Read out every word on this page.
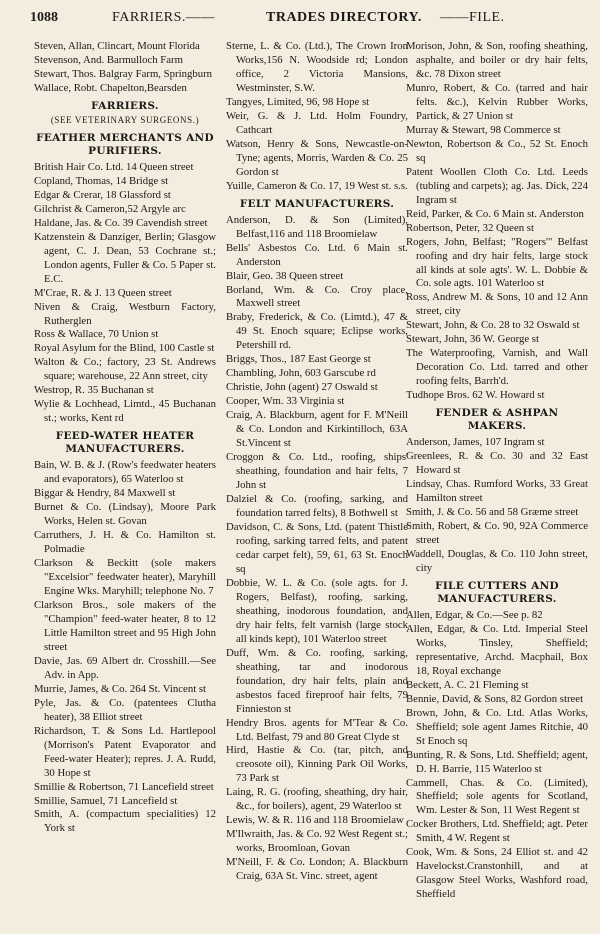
1088	FARRIERS.——	TRADES DIRECTORY. ——FILE.

Steven, Allan, Clincart, Mount Florida

Stevenson, And. Barmulloch Farm

Stewart, Thos. Balgray Farm, Springburn

Wallace, Robt. Chapelton,Bearsden

FARRIERS.

(SEE VETERINARY SURGEONS.)

FEATHER MERCHANTS AND PURIFIERS.

British Hair Co. Ltd. 14 Queen street

Copland, Thomas, 14 Bridge st

Edgar & Crerar, 18 Glassford st

Gilchrist & Cameron,52 Argyle arc

Haldane, Jas. & Co. 39 Cavendish street

Katzenstein & Danziger, Berlin; Glasgow agent, C. J. Dean, 53 Cochrane st.; London agents, Fuller & Co. 5 Paper st. E.C.

M'Crae, R. & J. 13 Queen street

Niven & Craig, Westburn Factory, Rutherglen

Ross & Wallace, 70 Union st

Royal Asylum for the Blind, 100 Castle st

Walton & Co.; factory, 23 St. Andrews square; warehouse, 22 Ann street, city

Westrop, R. 35 Buchanan st

Wylie & Lochhead, Limtd., 45 Buchanan st.; works, Kent rd

FEED-WATER HEATER MANUFACTURERS.

Bain, W. B. & J. (Row's feedwater heaters and evaporators), 65 Waterloo st

Biggar & Hendry, 84 Maxwell st

Burnet & Co. (Lindsay), Moore Park Works, Helen st. Govan

Carruthers, J. H. & Co. Hamilton st. Polmadie

Clarkson & Beckitt (sole makers "Excelsior" feedwater heater), Maryhill Engine Wks. Maryhill; telephone No. 7

Clarkson Bros., sole makers of the "Champion" feed-water heater, 8 to 12 Little Hamilton street and 95 High John street

Davie, Jas. 69 Albert dr. Crosshill.—See Adv. in App.

Murrie, James, & Co. 264 St. Vincent st

Pyle, Jas. & Co. (patentees Clutha heater), 38 Elliot street

Richardson, T. & Sons Ld. Hartlepool (Morrison's Patent Evaporator and Feed-water Heater); repres. J. A. Rudd, 30 Hope st

Smillie & Robertson, 71 Lancefield street

Smillie, Samuel, 71 Lancefield st

Smith, A. (compactum specialities) 12 York st

Sterne, L. & Co. (Ltd.), The Crown Iron Works,156 N. Woodside rd; London office, 2 Victoria Mansions, Westminster, S.W.

Tangyes, Limited, 96, 98 Hope st

Weir, G. & J. Ltd. Holm Foundry, Cathcart

Watson, Henry & Sons, Newcastle-on-Tyne; agents, Morris, Warden & Co. 25 Gordon st

Yuille, Cameron & Co. 17, 19 West st. s.s.

FELT MANUFACTURERS.

Anderson, D. & Son (Limited), Belfast,116 and 118 Broomielaw

Bells' Asbestos Co. Ltd. 6 Main st. Anderston

Blair, Geo. 38 Queen street

Borland, Wm. & Co. Croy place, Maxwell street

Braby, Frederick, & Co. (Limtd.), 47 & 49 St. Enoch square; Eclipse works, Petershill rd.

Briggs, Thos., 187 East George st

Chambling, John, 603 Garscube rd

Christie, John (agent) 27 Oswald st

Cooper, Wm. 33 Virginia st

Craig, A. Blackburn, agent for F. M'Neill & Co. London and Kirkintilloch, 63A St.Vincent st

Croggon & Co. Ltd., roofing, ships' sheathing, foundation and hair felts, 7 John st

Dalziel & Co. (roofing, sarking, and foundation tarred felts), 8 Bothwell st

Davidson, C. & Sons, Ltd. (patent Thistle roofing, sarking tarred felts, and patent cedar carpet felt), 59, 61, 63 St. Enoch sq

Dobbie, W. L. & Co. (sole agts. for J. Rogers, Belfast), roofing, sarking, sheathing, inodorous foundation, and dry hair felts, felt varnish (large stock all kinds kept), 101 Waterloo street

Duff, Wm. & Co. roofing, sarking, sheathing, tar and inodorous foundation, dry hair felts, plain and asbestos faced fireproof hair felts, 79 Finnieston st

Hendry Bros. agents for M'Tear & Co. Ltd. Belfast, 79 and 80 Great Clyde st

Hird, Hastie & Co. (tar, pitch, and creosote oil), Kinning Park Oil Works, 73 Park st

Laing, R. G. (roofing, sheathing, dry hair, &c., for boilers), agent, 29 Waterloo st

Lewis, W. & R. 116 and 118 Broomielaw

M'Ilwraith, Jas. & Co. 92 West Regent st.; works, Broomloan, Govan

M'Neill, F. & Co. London; A. Blackburn Craig, 63A St. Vinc. street, agent

Morison, John, & Son, roofing sheathing, asphalte, and boiler or dry hair felts, &c. 78 Dixon street

Munro, Robert, & Co. (tarred and hair felts. &c.), Kelvin Rubber Works, Partick, & 27 Union st

Murray & Stewart, 98 Commerce st

Newton, Robertson & Co., 52 St. Enoch sq

Patent Woollen Cloth Co. Ltd. Leeds (tubling and carpets); ag. Jas. Dick, 224 Ingram st

Reid, Parker, & Co. 6 Main st. Anderston

Robertson, Peter, 32 Queen st

Rogers, John, Belfast; "Rogers'" Belfast roofing and dry hair felts, large stock all kinds at sole agts'. W. L. Dobbie & Co. sole agts. 101 Waterloo st

Ross, Andrew M. & Sons, 10 and 12 Ann street, city

Stewart, John, & Co. 28 to 32 Oswald st

Stewart, John, 36 W. George st

The Waterproofing, Varnish, and Wall Decoration Co. Ltd. tarred and other roofing felts, Barrh'd.

Tudhope Bros. 62 W. Howard st

FENDER & ASHPAN MAKERS.

Anderson, James, 107 Ingram st

Greenlees, R. & Co. 30 and 32 East Howard st

Lindsay, Chas. Rumford Works, 33 Great Hamilton street

Smith, J. & Co. 56 and 58 Græme street

Smith, Robert, & Co. 90, 92A Commerce street

Waddell, Douglas, & Co. 110 John street, city

FILE CUTTERS AND MANUFACTURERS.

Allen, Edgar, & Co.—See p. 82

Allen, Edgar, & Co. Ltd. Imperial Steel Works, Tinsley, Sheffield; representative, Archd. Macphail, Box 18, Royal exchange

Beckett, A. C. 21 Fleming st

Bennie, David, & Sons, 82 Gordon street

Brown, John, & Co. Ltd. Atlas Works, Sheffield; sole agent James Ritchie, 40 St Enoch sq

Bunting, R. & Sons, Ltd. Sheffield; agent, D. H. Barrie, 115 Waterloo st

Cammell, Chas. & Co. (Limited), Sheffield; sole agents for Scotland, Wm. Lester & Son, 11 West Regent st

Cocker Brothers, Ltd. Sheffield; agt. Peter Smith, 4 W. Regent st

Cook, Wm. & Sons, 24 Elliot st. and 42 Havelockst.Cranstonhill, and at Glasgow Steel Works, Washford road, Sheffield
